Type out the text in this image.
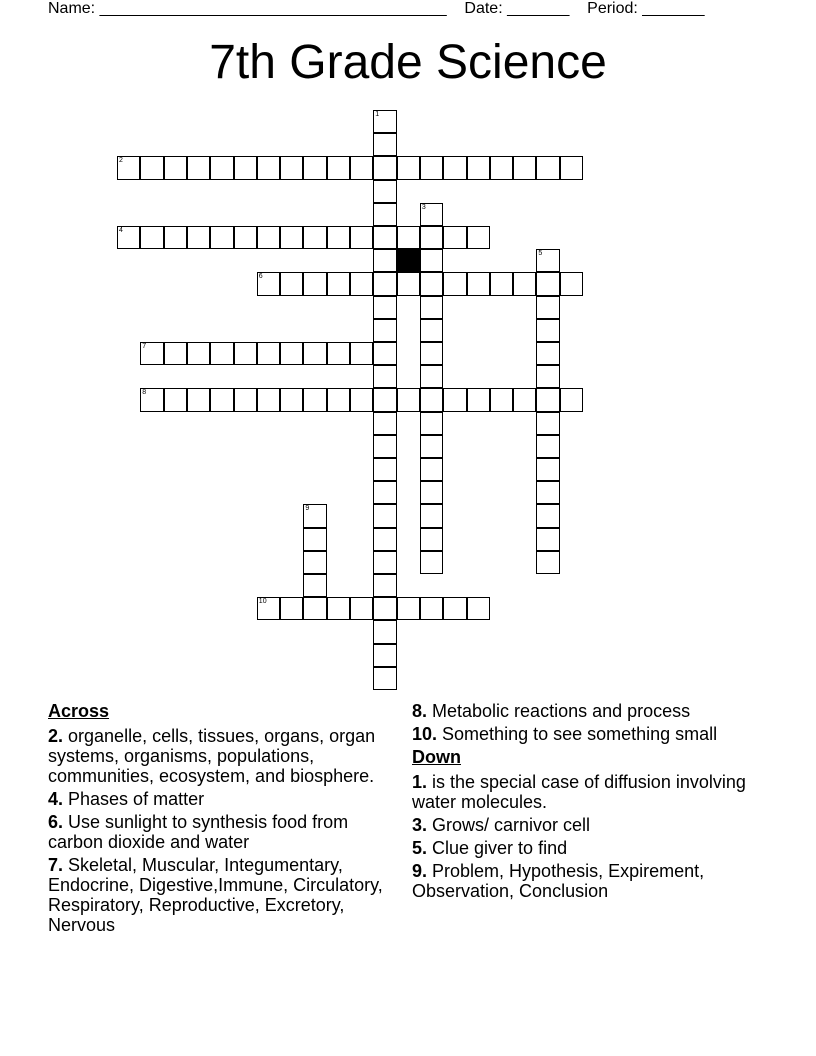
Name: _______________________________________    Date: _______    Period: _______
7th Grade Science
1
2
3
4
5
6
7
8
9
10
Across
2. organelle, cells, tissues, organs, organ systems, organisms, populations, communities, ecosystem, and biosphere.
4. Phases of matter
6. Use sunlight to synthesis food from carbon dioxide and water
7. Skeletal, Muscular, Integumentary, Endocrine, Digestive,Immune, Circulatory, Respiratory, Reproductive, Excretory, Nervous
8. Metabolic reactions and process
10. Something to see something small
Down
1. is the special case of diffusion involving water molecules.
3. Grows/ carnivor cell
5. Clue giver to find
9. Problem, Hypothesis, Expirement, Observation, Conclusion
